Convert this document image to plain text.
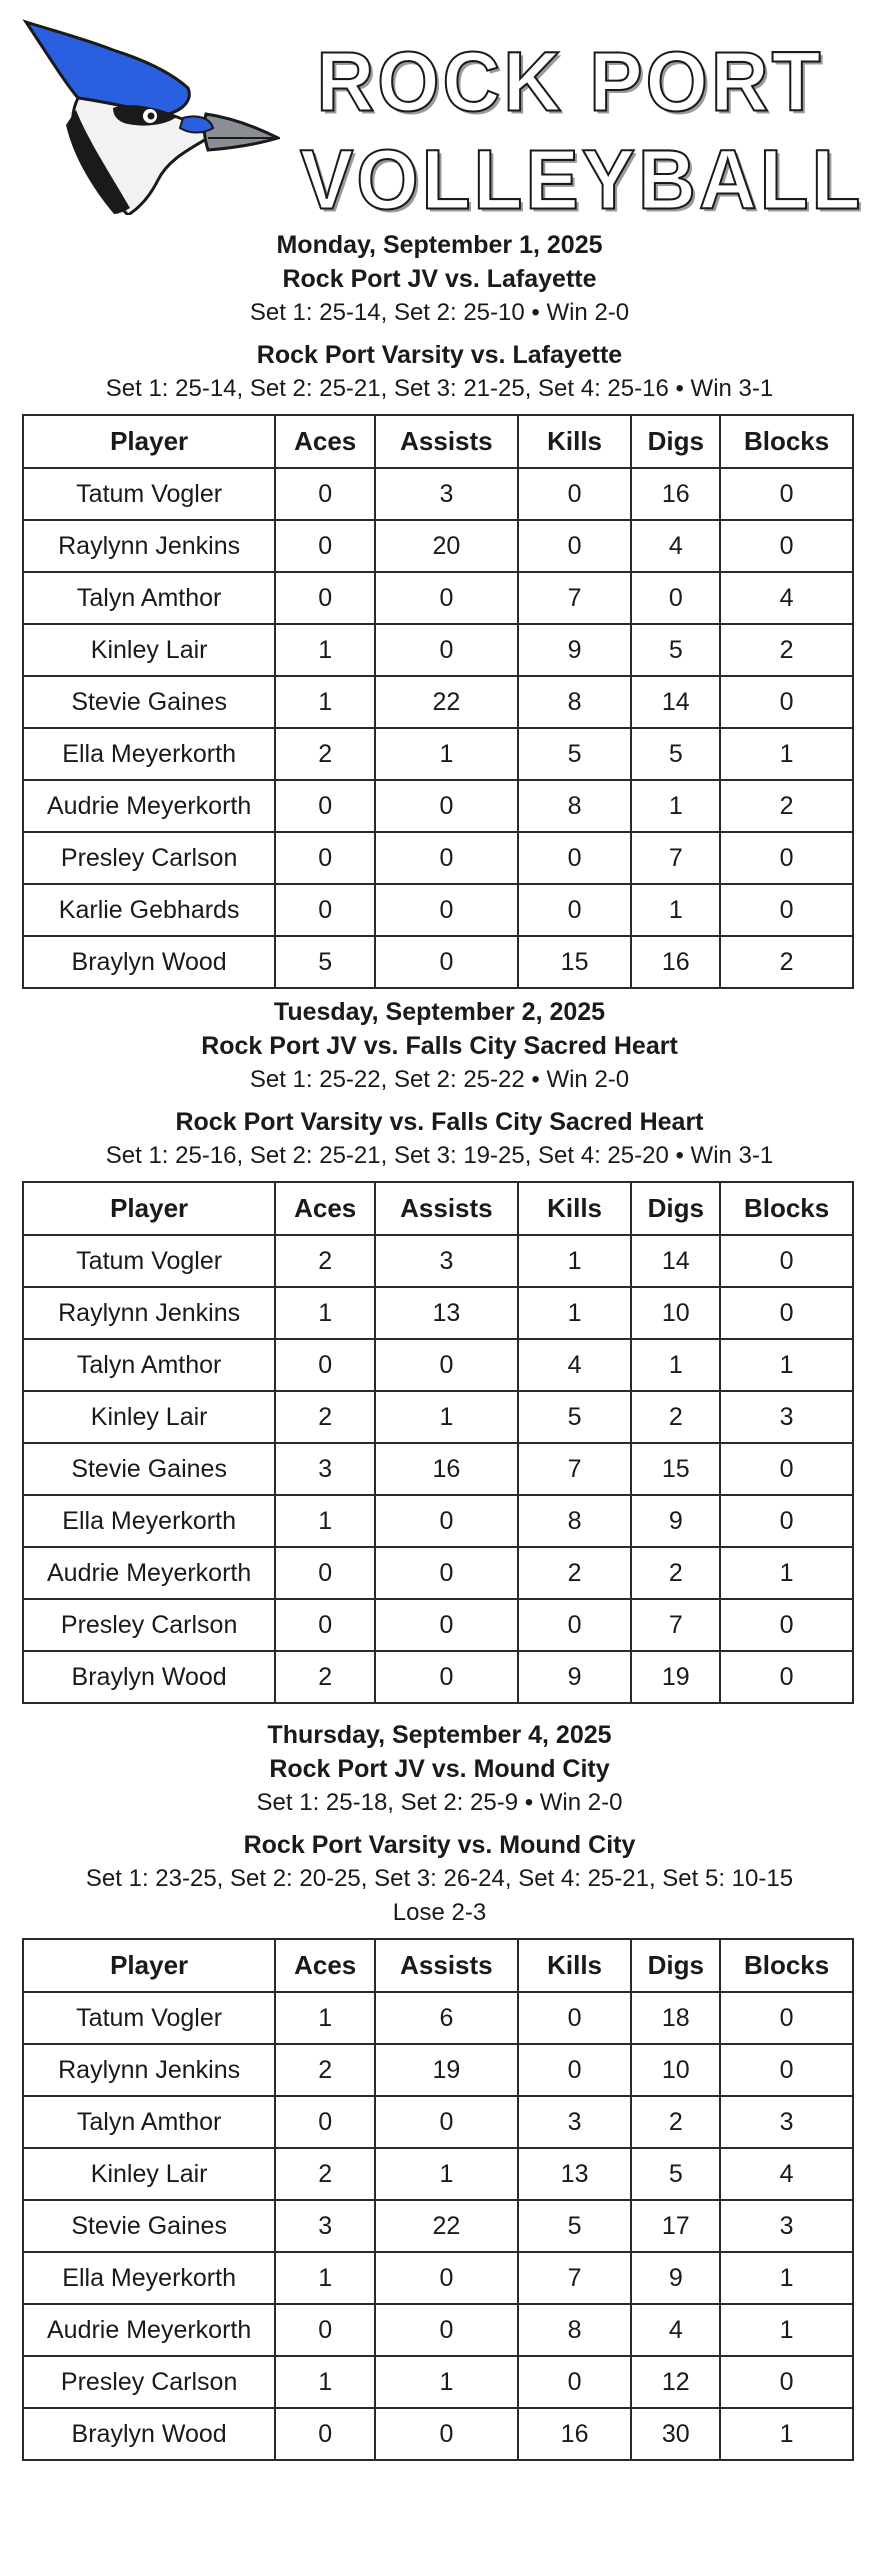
ROCK PORT
VOLLEYBALL
Monday, September 1, 2025
Rock Port JV vs. Lafayette
Set 1: 25-14, Set 2: 25-10 • Win 2-0
Rock Port Varsity vs. Lafayette
Set 1: 25-14, Set 2: 25-21, Set 3: 21-25, Set 4: 25-16 • Win 3-1
Player	Aces	Assists	Kills	Digs	Blocks
Tatum Vogler	0	3	0	16	0
Raylynn Jenkins	0	20	0	4	0
Talyn Amthor	0	0	7	0	4
Kinley Lair	1	0	9	5	2
Stevie Gaines	1	22	8	14	0
Ella Meyerkorth	2	1	5	5	1
Audrie Meyerkorth	0	0	8	1	2
Presley Carlson	0	0	0	7	0
Karlie Gebhards	0	0	0	1	0
Braylyn Wood	5	0	15	16	2
Tuesday, September 2, 2025
Rock Port JV vs. Falls City Sacred Heart
Set 1: 25-22, Set 2: 25-22 • Win 2-0
Rock Port Varsity vs. Falls City Sacred Heart
Set 1: 25-16, Set 2: 25-21, Set 3: 19-25, Set 4: 25-20 • Win 3-1
Player	Aces	Assists	Kills	Digs	Blocks
Tatum Vogler	2	3	1	14	0
Raylynn Jenkins	1	13	1	10	0
Talyn Amthor	0	0	4	1	1
Kinley Lair	2	1	5	2	3
Stevie Gaines	3	16	7	15	0
Ella Meyerkorth	1	0	8	9	0
Audrie Meyerkorth	0	0	2	2	1
Presley Carlson	0	0	0	7	0
Braylyn Wood	2	0	9	19	0
Thursday, September 4, 2025
Rock Port JV vs. Mound City
Set 1: 25-18, Set 2: 25-9 • Win 2-0
Rock Port Varsity vs. Mound City
Set 1: 23-25, Set 2: 20-25, Set 3: 26-24, Set 4: 25-21, Set 5: 10-15
Lose 2-3
Player	Aces	Assists	Kills	Digs	Blocks
Tatum Vogler	1	6	0	18	0
Raylynn Jenkins	2	19	0	10	0
Talyn Amthor	0	0	3	2	3
Kinley Lair	2	1	13	5	4
Stevie Gaines	3	22	5	17	3
Ella Meyerkorth	1	0	7	9	1
Audrie Meyerkorth	0	0	8	4	1
Presley Carlson	1	1	0	12	0
Braylyn Wood	0	0	16	30	1
